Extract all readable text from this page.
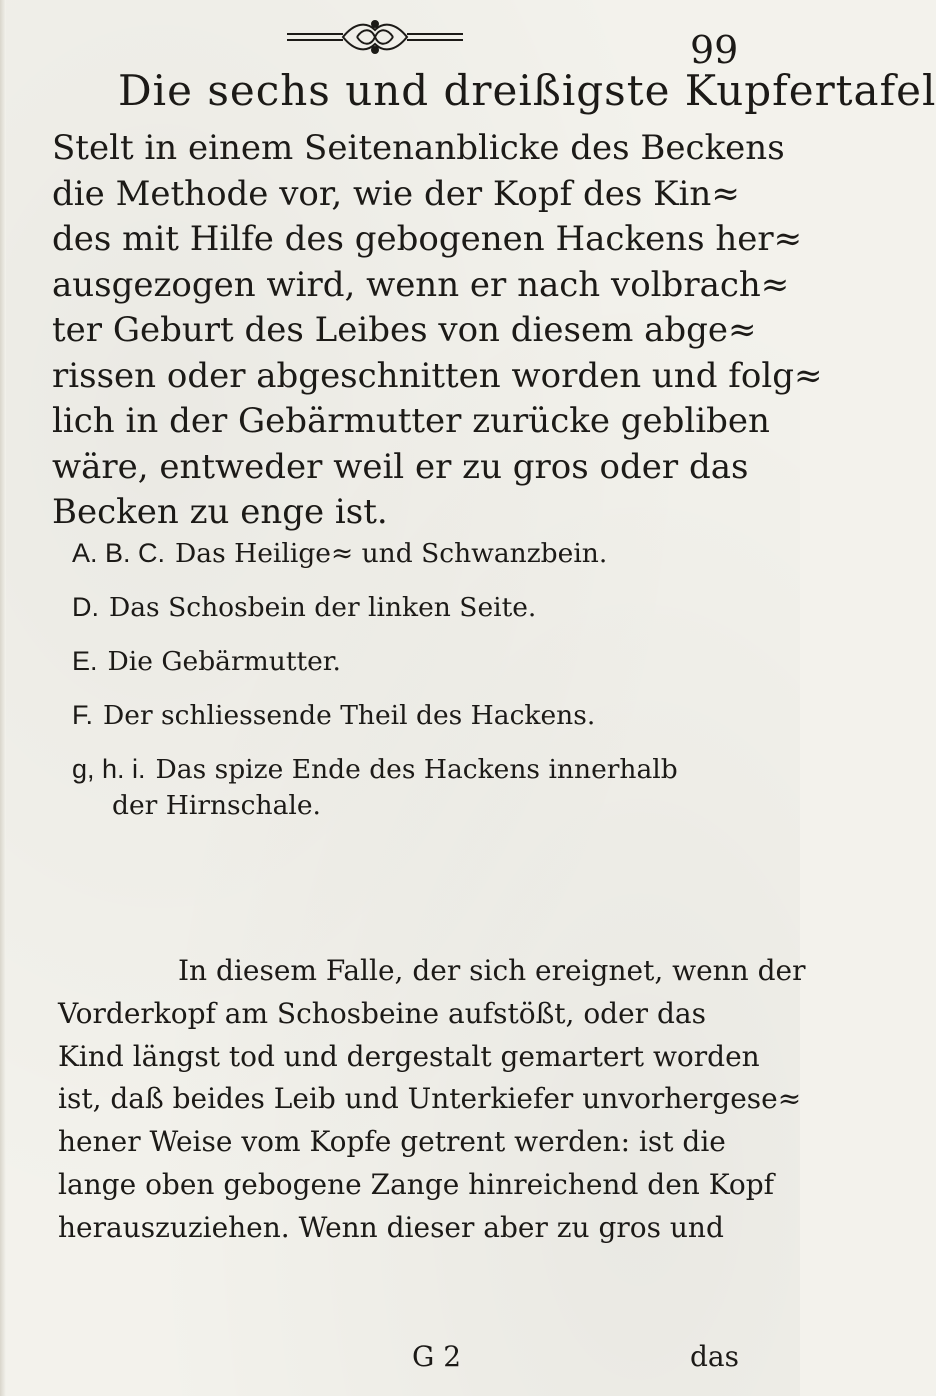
99
Die sechs und dreißigste Kupfertafel
Stelt in einem Seitenanblicke des Beckens
die Methode vor, wie der Kopf des Kin≈
des mit Hilfe des gebogenen Hackens her≈
ausgezogen wird, wenn er nach volbrach≈
ter Geburt des Leibes von diesem abge≈
rissen oder abgeschnitten worden und folg≈
lich in der Gebärmutter zurücke gebliben
wäre, entweder weil er zu gros oder das
Becken zu enge ist.
A. B. C. Das Heilige≈ und Schwanzbein.
D. Das Schosbein der linken Seite.
E. Die Gebärmutter.
F. Der schliessende Theil des Hackens.
g, h. i. Das spize Ende des Hackens innerhalb
der Hirnschale.
In diesem Falle, der sich ereignet, wenn der
Vorderkopf am Schosbeine aufstößt, oder das
Kind längst tod und dergestalt gemartert worden
ist, daß beides Leib und Unterkiefer unvorhergese≈
hener Weise vom Kopfe getrent werden: ist die
lange oben gebogene Zange hinreichend den Kopf
herauszuziehen. Wenn dieser aber zu gros und
G 2	das
